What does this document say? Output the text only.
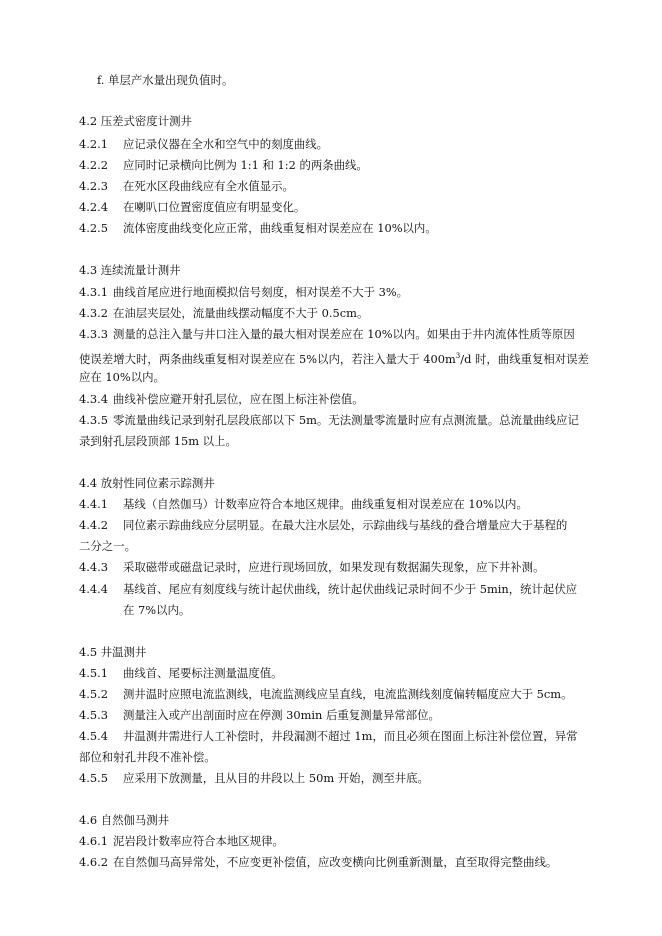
f. 单层产水量出现负值时。
4.2 压差式密度计测井
4.2.1 应记录仪器在全水和空气中的刻度曲线。
4.2.2 应同时记录横向比例为 1:1 和 1:2 的两条曲线。
4.2.3 在死水区段曲线应有全水值显示。
4.2.4 在喇叭口位置密度值应有明显变化。
4.2.5 流体密度曲线变化应正常，曲线重复相对误差应在 10%以内。
4.3 连续流量计测井
4.3.1 曲线首尾应进行地面模拟信号刻度，相对误差不大于 3%。
4.3.2 在油层夹层处，流量曲线摆动幅度不大于 0.5cm。
4.3.3 测量的总注入量与井口注入量的最大相对误差应在 10%以内。如果由于井内流体性质等原因
使误差增大时，两条曲线重复相对误差应在 5%以内，若注入量大于 $400m^3/d$ 时，曲线重复相对误差
应在 10%以内。
4.3.4 曲线补偿应避开射孔层位，应在图上标注补偿值。
4.3.5 零流量曲线记录到射孔层段底部以下 5m。无法测量零流量时应有点测流量。总流量曲线应记
录到射孔层段顶部 15m 以上。
4.4 放射性同位素示踪测井
4.4.1 基线（自然伽马）计数率应符合本地区规律。曲线重复相对误差应在 10%以内。
4.4.2 同位素示踪曲线应分层明显。在最大注水层处，示踪曲线与基线的叠合增量应大于基程的
二分之一。
4.4.3 采取磁带或磁盘记录时，应进行现场回放，如果发现有数据漏失现象，应下井补测。
4.4.4 基线首、尾应有刻度线与统计起伏曲线，统计起伏曲线记录时间不少于 5min，统计起伏应
在 7%以内。
4.5 井温测井
4.5.1 曲线首、尾要标注测量温度值。
4.5.2 测井温时应照电流监测线，电流监测线应呈直线，电流监测线刻度偏转幅度应大于 5cm。
4.5.3 测量注入或产出剖面时应在停测 30min 后重复测量异常部位。
4.5.4 井温测井需进行人工补偿时，井段漏测不超过 1m，而且必须在图面上标注补偿位置，异常
部位和射孔井段不准补偿。
4.5.5 应采用下放测量，且从目的井段以上 50m 开始，测至井底。
4.6 自然伽马测井
4.6.1 泥岩段计数率应符合本地区规律。
4.6.2 在自然伽马高异常处，不应变更补偿值，应改变横向比例重新测量，直至取得完整曲线。
